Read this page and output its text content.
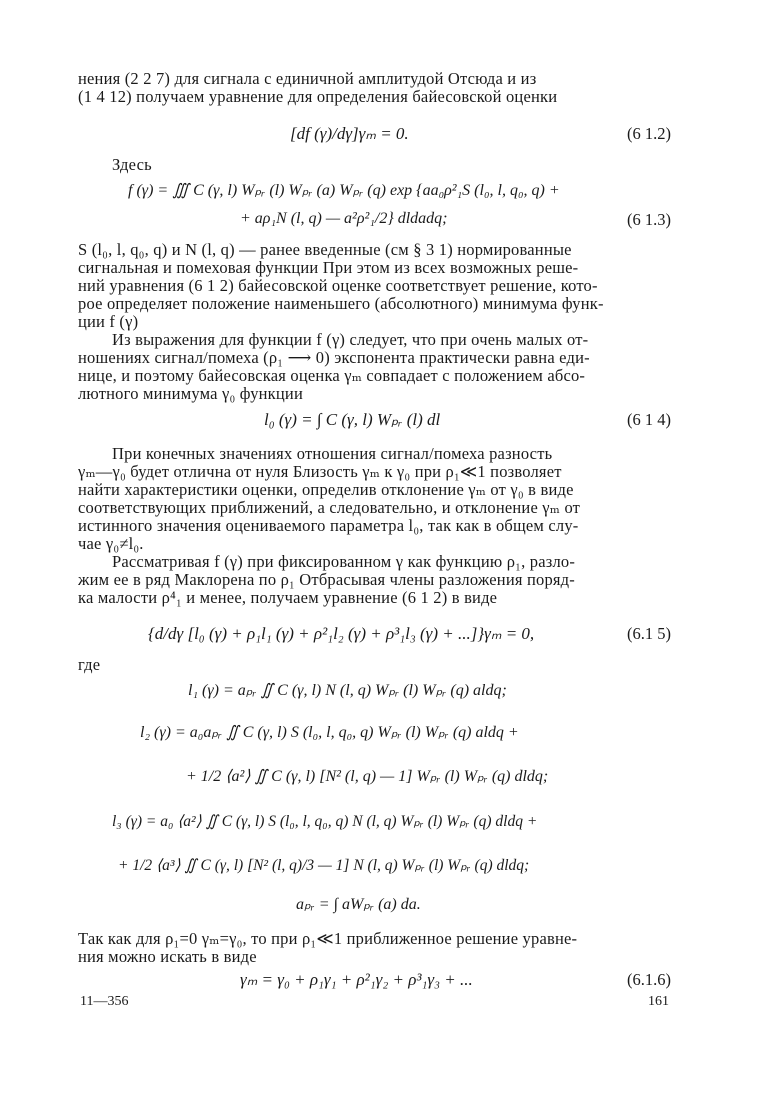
нения (2 2 7) для сигнала с единичной амплитудой Отсюда и из
(1 4 12) получаем уравнение для определения байесовской оценки
[df (γ)/dγ]γₘ = 0.	(6 1.2)
Здесь
f (γ) = ∭ C (γ, l) Wₚᵣ (l) Wₚᵣ (a) Wₚᵣ (q) exp {aa₀ρ²₁S (l₀, l, q₀, q) +
+ aρ₁N (l, q) — a²ρ²₁/2} dldadq;	(6 1.3)
S (l₀, l, q₀, q) и N (l, q) — ранее введенные (см § 3 1) нормированные
сигнальная и помеховая функции При этом из всех возможных реше-
ний уравнения (6 1 2) байесовской оценке соответствует решение, кото-
рое определяет положение наименьшего (абсолютного) минимума функ-
ции f (γ)
Из выражения для функции f (γ) следует, что при очень малых от-
ношениях сигнал/помеха (ρ₁ ⟶ 0) экспонента практически равна еди-
нице, и поэтому байесовская оценка γₘ совпадает с положением абсо-
лютного минимума γ₀ функции
l₀ (γ) = ∫ C (γ, l) Wₚᵣ (l) dl	(6 1 4)
При конечных значениях отношения сигнал/помеха разность
γₘ—γ₀ будет отлична от нуля Близость γₘ к γ₀ при ρ₁≪1 позволяет
найти характеристики оценки, определив отклонение γₘ от γ₀ в виде
соответствующих приближений, а следовательно, и отклонение γₘ от
истинного значения оцениваемого параметра l₀, так как в общем слу-
чае γ₀≠l₀.
Рассматривая f (γ) при фиксированном γ как функцию ρ₁, разло-
жим ее в ряд Маклорена по ρ₁ Отбрасывая члены разложения поряд-
ка малости ρ⁴₁ и менее, получаем уравнение (6 1 2) в виде
{d/dγ [l₀ (γ) + ρ₁l₁ (γ) + ρ²₁l₂ (γ) + ρ³₁l₃ (γ) + ...]}γₘ = 0,	(6.1 5)
где
l₁ (γ) = aₚᵣ ∬ C (γ, l) N (l, q) Wₚᵣ (l) Wₚᵣ (q) aldq;
l₂ (γ) = a₀aₚᵣ ∬ C (γ, l) S (l₀, l, q₀, q) Wₚᵣ (l) Wₚᵣ (q) aldq +
+ 1/2 ⟨a²⟩ ∬ C (γ, l) [N² (l, q) — 1] Wₚᵣ (l) Wₚᵣ (q) dldq;
l₃ (γ) = a₀ ⟨a²⟩ ∬ C (γ, l) S (l₀, l, q₀, q) N (l, q) Wₚᵣ (l) Wₚᵣ (q) dldq +
+ 1/2 ⟨a³⟩ ∬ C (γ, l) [N² (l, q)/3 — 1] N (l, q) Wₚᵣ (l) Wₚᵣ (q) dldq;
aₚᵣ = ∫ aWₚᵣ (a) da.
Так как для ρ₁=0 γₘ=γ₀, то при ρ₁≪1 приближенное решение уравне-
ния можно искать в виде
γₘ = γ₀ + ρ₁γ₁ + ρ²₁γ₂ + ρ³₁γ₃ + ...	(6.1.6)
11—356	161
